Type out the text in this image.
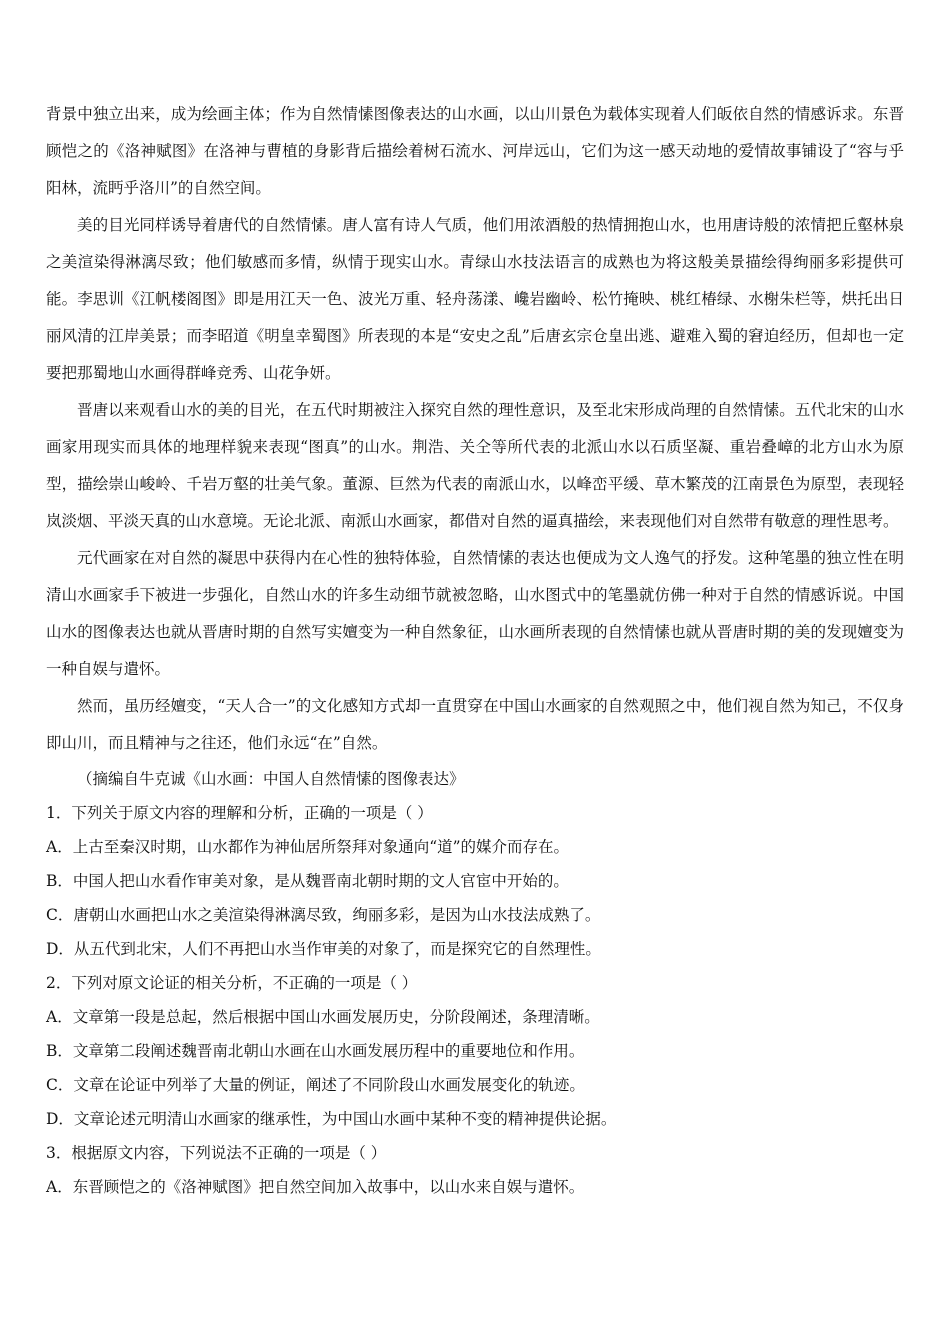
背景中独立出来，成为绘画主体；作为自然情愫图像表达的山水画，以山川景色为载体实现着人们皈依自然的情感诉求。东晋顾恺之的《洛神赋图》在洛神与曹植的身影背后描绘着树石流水、河岸远山，它们为这一感天动地的爱情故事铺设了“容与乎阳林，流眄乎洛川”的自然空间。

美的目光同样诱导着唐代的自然情愫。唐人富有诗人气质，他们用浓酒般的热情拥抱山水，也用唐诗般的浓情把丘壑林泉之美渲染得淋漓尽致；他们敏感而多情，纵情于现实山水。青绿山水技法语言的成熟也为将这般美景描绘得绚丽多彩提供可能。李思训《江帆楼阁图》即是用江天一色、波光万重、轻舟荡漾、巉岩幽岭、松竹掩映、桃红椿绿、水榭朱栏等，烘托出日丽风清的江岸美景；而李昭道《明皇幸蜀图》所表现的本是“安史之乱”后唐玄宗仓皇出逃、避难入蜀的窘迫经历，但却也一定要把那蜀地山水画得群峰竞秀、山花争妍。

晋唐以来观看山水的美的目光，在五代时期被注入探究自然的理性意识，及至北宋形成尚理的自然情愫。五代北宋的山水画家用现实而具体的地理样貌来表现“图真”的山水。荆浩、关仝等所代表的北派山水以石质坚凝、重岩叠嶂的北方山水为原型，描绘崇山峻岭、千岩万壑的壮美气象。董源、巨然为代表的南派山水，以峰峦平缓、草木繁茂的江南景色为原型，表现轻岚淡烟、平淡天真的山水意境。无论北派、南派山水画家，都借对自然的逼真描绘，来表现他们对自然带有敬意的理性思考。

元代画家在对自然的凝思中获得内在心性的独特体验，自然情愫的表达也便成为文人逸气的抒发。这种笔墨的独立性在明清山水画家手下被进一步强化，自然山水的许多生动细节就被忽略，山水图式中的笔墨就仿佛一种对于自然的情感诉说。中国山水的图像表达也就从晋唐时期的自然写实嬗变为一种自然象征，山水画所表现的自然情愫也就从晋唐时期的美的发现嬗变为一种自娱与遣怀。

然而，虽历经嬗变，“天人合一”的文化感知方式却一直贯穿在中国山水画家的自然观照之中，他们视自然为知己，不仅身即山川，而且精神与之往还，他们永远“在”自然。

（摘编自牛克诚《山水画：中国人自然情愫的图像表达》

1．下列关于原文内容的理解和分析，正确的一项是（ ）

A．上古至秦汉时期，山水都作为神仙居所祭拜对象通向“道”的媒介而存在。

B．中国人把山水看作审美对象，是从魏晋南北朝时期的文人官宦中开始的。

C．唐朝山水画把山水之美渲染得淋漓尽致，绚丽多彩，是因为山水技法成熟了。

D．从五代到北宋，人们不再把山水当作审美的对象了，而是探究它的自然理性。

2．下列对原文论证的相关分析，不正确的一项是（ ）

A．文章第一段是总起，然后根据中国山水画发展历史，分阶段阐述，条理清晰。

B．文章第二段阐述魏晋南北朝山水画在山水画发展历程中的重要地位和作用。

C．文章在论证中列举了大量的例证，阐述了不同阶段山水画发展变化的轨迹。

D．文章论述元明清山水画家的继承性，为中国山水画中某种不变的精神提供论据。

3．根据原文内容，下列说法不正确的一项是（ ）

A．东晋顾恺之的《洛神赋图》把自然空间加入故事中，以山水来自娱与遣怀。
